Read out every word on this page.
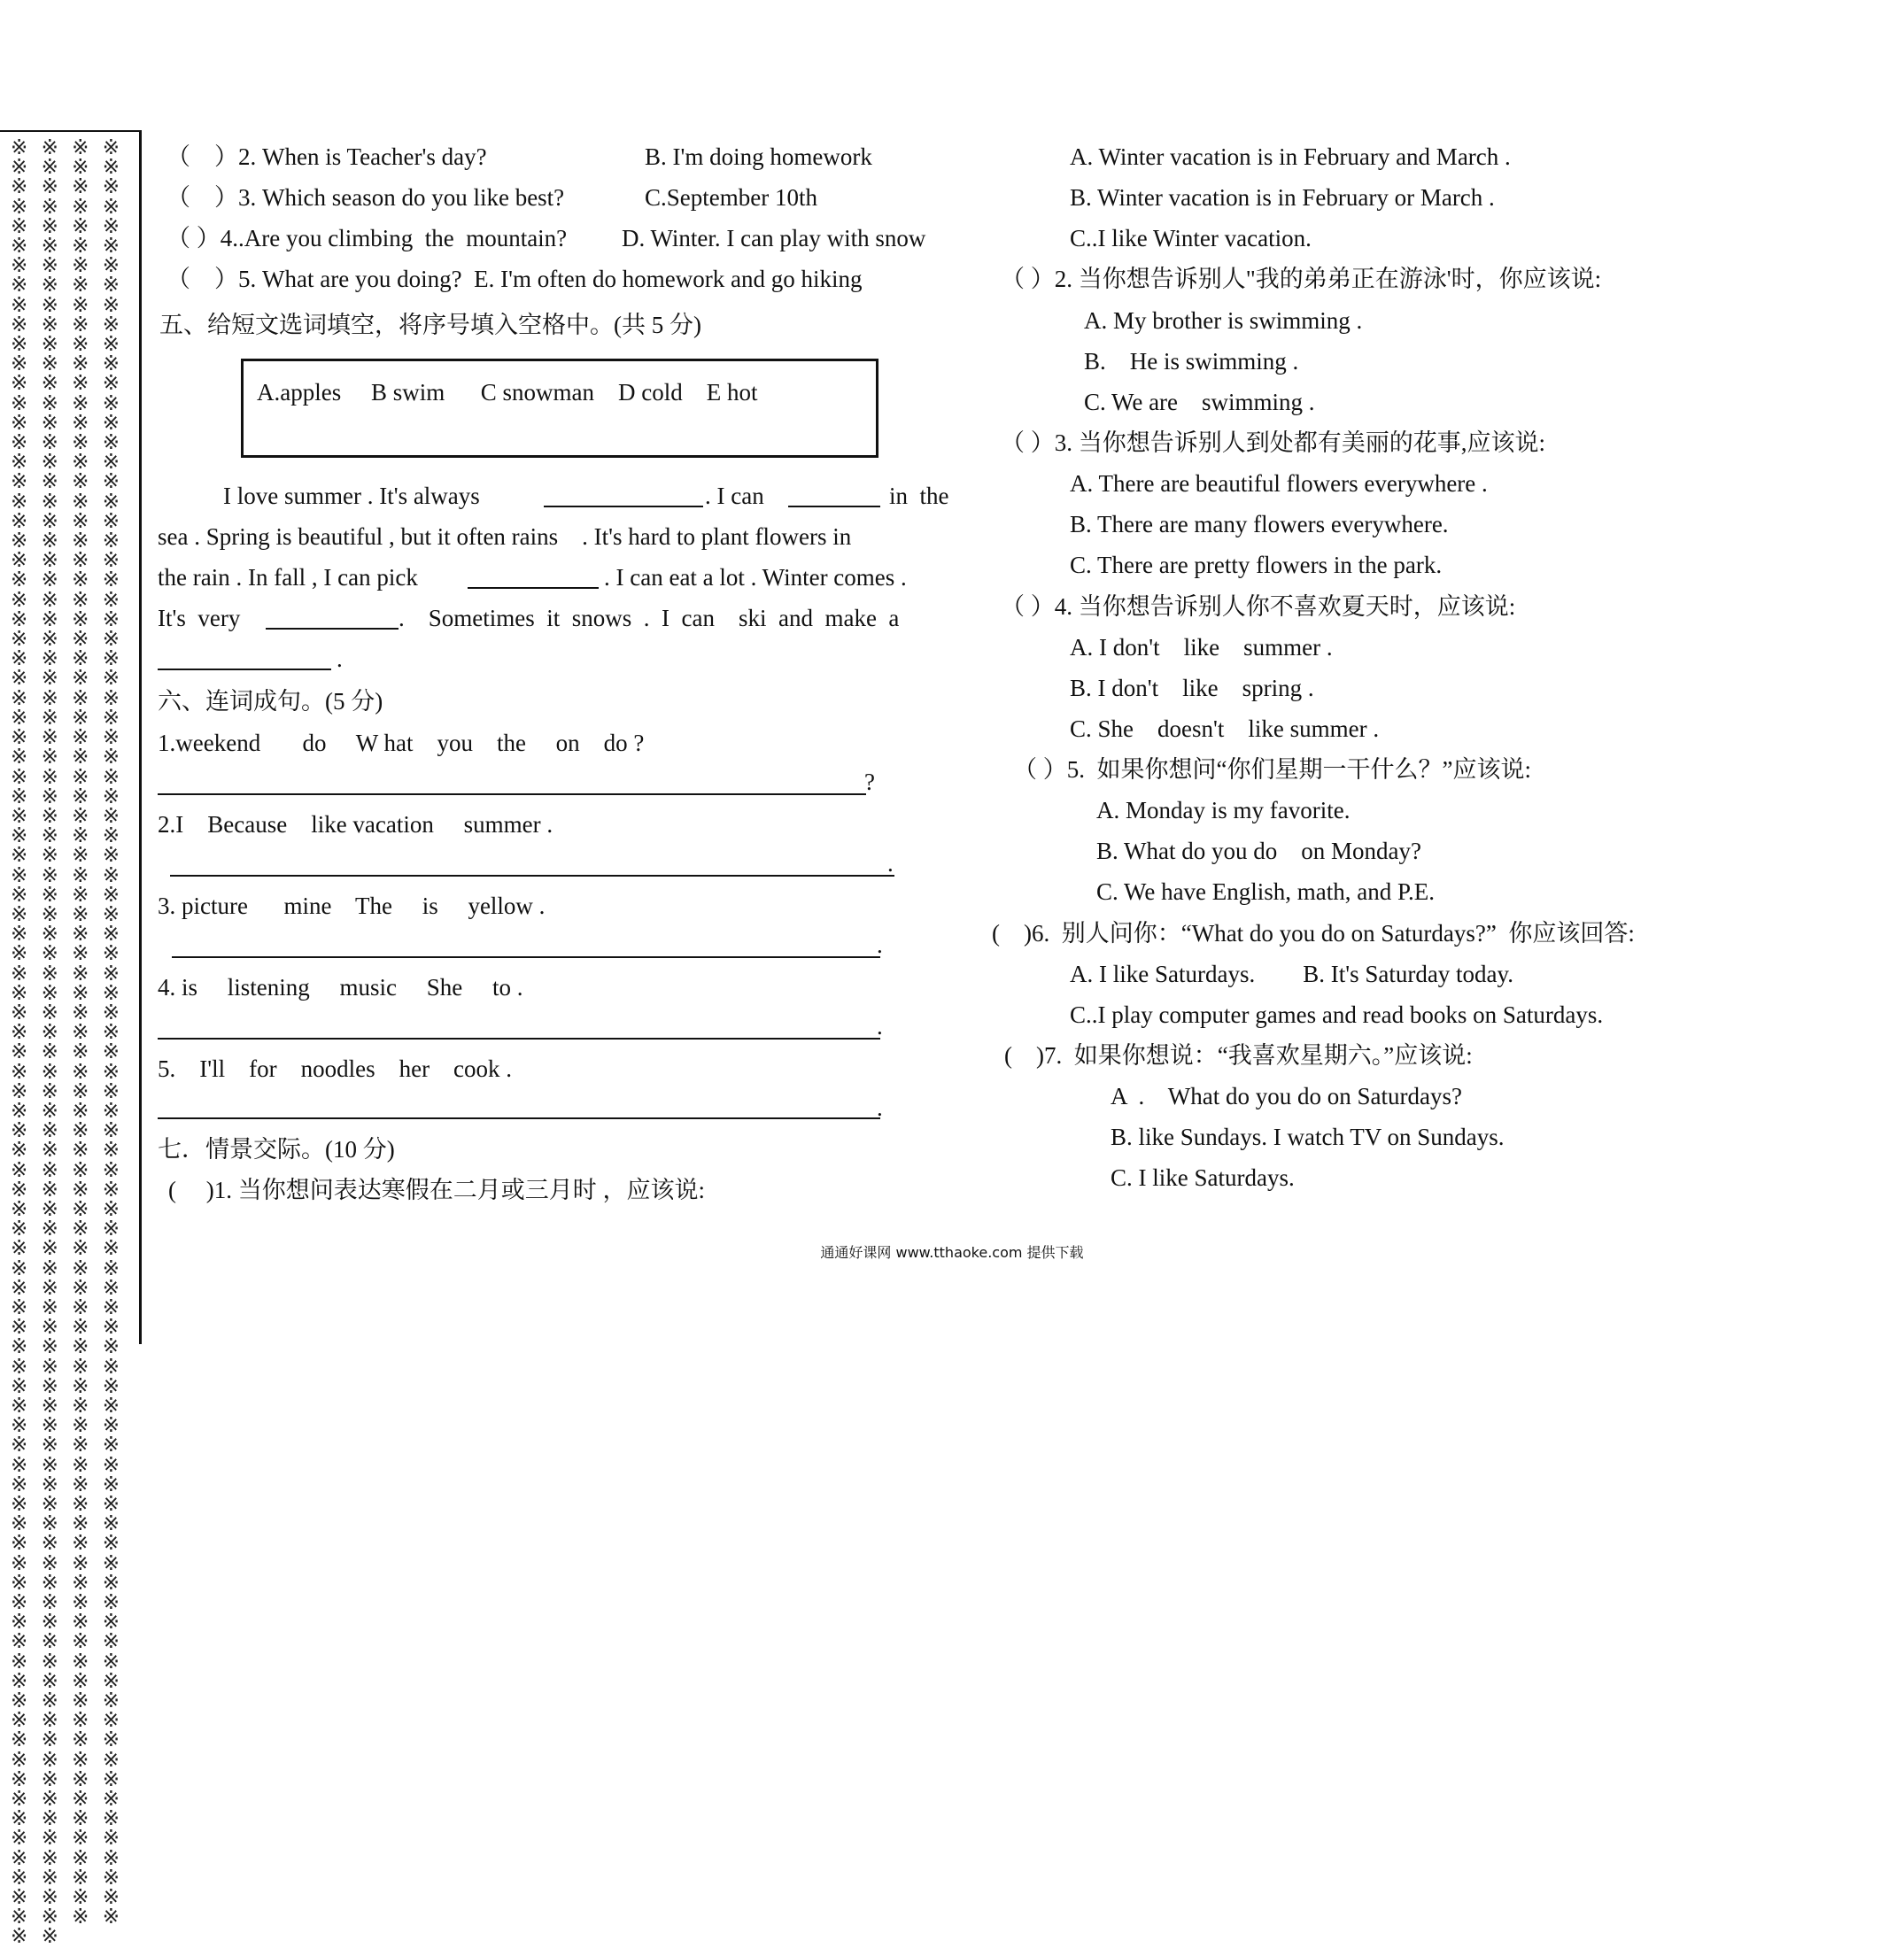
※ ※ ※ ※ ※ ※ ※ ※ ※ ※ ※ ※ ※ ※ ※ ※ ※ ※ ※ ※ ※ ※ ※ ※ ※ ※ ※ ※ ※ ※ ※ ※ ※ ※ ※ ※ ※ ※ ※ ※ ※ ※ ※ ※ ※ ※ ※ ※ ※ ※ ※ ※ ※ ※ ※ ※ ※ ※ ※ ※ ※ ※ ※ ※ ※ ※ ※ ※ ※ ※ ※ ※ ※ ※ ※ ※ ※ ※ ※ ※ ※ ※ ※ ※ ※ ※ ※ ※ ※ ※ ※ ※ ※ ※ ※ ※ ※ ※ ※ ※ ※ ※ ※ ※ ※ ※ ※ ※ ※ ※ ※ ※ ※ ※ ※ ※ ※ ※ ※ ※ ※ ※ ※ ※ ※ ※ ※ ※ ※ ※ ※ ※ ※ ※ ※ ※ ※ ※ ※ ※ ※ ※ ※ ※ ※ ※ ※ ※ ※ ※ ※ ※ ※ ※ ※ ※ ※ ※ ※ ※ ※ ※ ※ ※ ※ ※ ※ ※ ※ ※ ※ ※ ※ ※ ※ ※ ※ ※ ※ ※ ※ ※ ※ ※ ※ ※ ※ ※ ※ ※ ※ ※ ※ ※ ※ ※ ※ ※ ※ ※ ※ ※ ※ ※ ※ ※ ※ ※ ※ ※ ※ ※ ※ ※ ※ ※ ※ ※ ※ ※ ※ ※ ※ ※ ※ ※ ※ ※ ※ ※ ※ ※ ※ ※ ※ ※ ※ ※ ※ ※ ※ ※ ※ ※ ※ ※ ※ ※ ※ ※ ※ ※ ※ ※ ※ ※ ※ ※ ※ ※ ※ ※ ※ ※ ※ ※ ※ ※ ※ ※ ※ ※ ※ ※ ※ ※ ※ ※ ※ ※ ※ ※ ※ ※ ※ ※ ※ ※ ※ ※ ※ ※ ※ ※ ※ ※ ※ ※ ※ ※ ※ ※ ※ ※ ※ ※ ※ ※ ※ ※ ※ ※ ※ ※ ※ ※ ※ ※ ※ ※ ※ ※ ※ ※ ※ ※ ※ ※ ※ ※ ※ ※ ※ ※ ※ ※ ※ ※ ※ ※ ※ ※ ※ ※ ※ ※ ※ ※ ※ ※ ※ ※ ※ ※ ※ ※ ※ ※ ※ ※ ※ ※ ※ ※ ※ ※
（　）2. When is Teacher's day?	B. I'm doing homework
（　）3. Which season do you like best?	C.September 10th
（ ）4..Are you climbing  the  mountain? D. Winter. I can play with snow
（　）5. What are you doing?  E. I'm often do homework and go hiking
五、给短文选词填空，将序号填入空格中。(共 5 分)
A.apples     B swim      C snowman    D cold    E hot
I love summer . It's always	. I can	in  the
sea . Spring is beautiful , but it often rains    . It's hard to plant flowers in
the rain . In fall , I can pick	. I can eat a lot . Winter comes .
It's  very	.    Sometimes  it  snows  .  I  can    ski  and  make  a
.
六、连词成句。(5 分)
1.weekend       do     W hat    you    the     on    do ?
?
2.I    Because    like vacation     summer .
.
3. picture      mine    The     is     yellow .
.
4. is     listening     music     She     to .
.
5.    I'll    for    noodles    her    cook .
.
七．情景交际。(10 分)
(　 )1. 当你想问表达寒假在二月或三月时 ，应该说:
A. Winter vacation is in February and March .
B. Winter vacation is in February or March .
C..I like Winter vacation.
（ ）2. 当你想告诉别人"我的弟弟正在游泳'时，你应该说:
A. My brother is swimming .
B.    He is swimming .
C. We are    swimming .
（ ）3. 当你想告诉别人到处都有美丽的花事,应该说:
A. There are beautiful flowers everywhere .
B. There are many flowers everywhere.
C. There are pretty flowers in the park.
（ ）4. 当你想告诉别人你不喜欢夏天时，应该说:
A. I don't    like    summer .
B. I don't    like    spring .
C. She    doesn't    like summer .
（ ）5.  如果你想问“你们星期一干什么？”应该说:
A. Monday is my favorite.
B. What do you do    on Monday?
C. We have English, math, and P.E.
(　)6.  别人问你：“What do you do on Saturdays?”  你应该回答:
A. I like Saturdays.        B. It's Saturday today.
C..I play computer games and read books on Saturdays.
(　)7.  如果你想说：“我喜欢星期六。”应该说:
A  .    What do you do on Saturdays?
B. like Sundays. I watch TV on Sundays.
C. I like Saturdays.
通通好课网 www.tthaoke.com 提供下载
